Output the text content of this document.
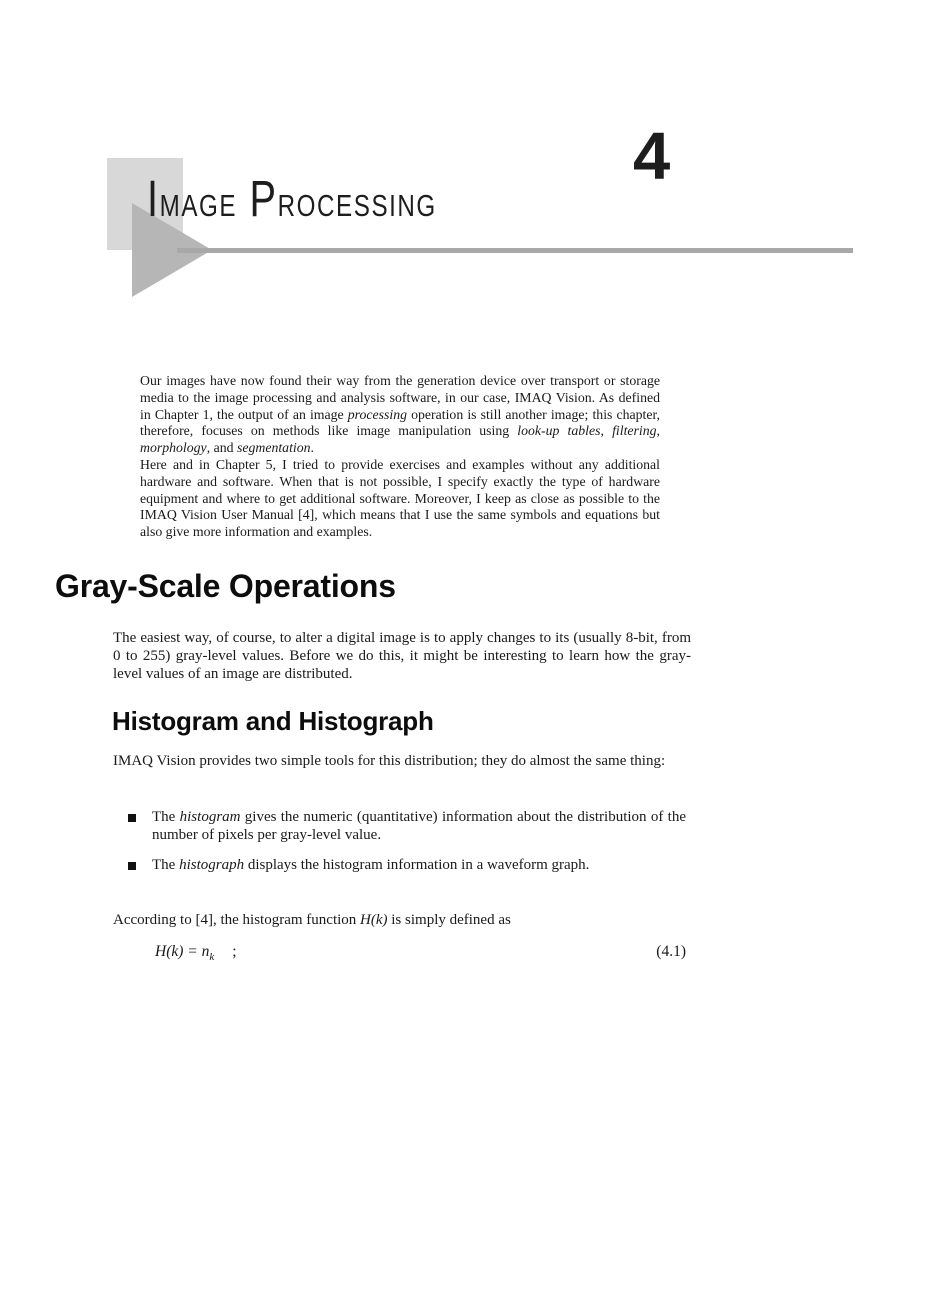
4
IMAGE PROCESSING

Our images have now found their way from the generation device over transport or storage media to the image processing and analysis software, in our case, IMAQ Vision. As defined in Chapter 1, the output of an image processing operation is still another image; this chapter, therefore, focuses on methods like image manipulation using look-up tables, filtering, morphology, and segmentation.

Here and in Chapter 5, I tried to provide exercises and examples without any additional hardware and software. When that is not possible, I specify exactly the type of hardware equipment and where to get additional software. Moreover, I keep as close as possible to the IMAQ Vision User Manual [4], which means that I use the same symbols and equations but also give more information and examples.

Gray-Scale Operations

The easiest way, of course, to alter a digital image is to apply changes to its (usually 8-bit, from 0 to 255) gray-level values. Before we do this, it might be interesting to learn how the gray-level values of an image are distributed.

Histogram and Histograph

IMAQ Vision provides two simple tools for this distribution; they do almost the same thing:

The histogram gives the numeric (quantitative) information about the distribution of the number of pixels per gray-level value.
The histograph displays the histogram information in a waveform graph.

According to [4], the histogram function H(k) is simply defined as

(4.1)
$H(k) = n_k$ ;
